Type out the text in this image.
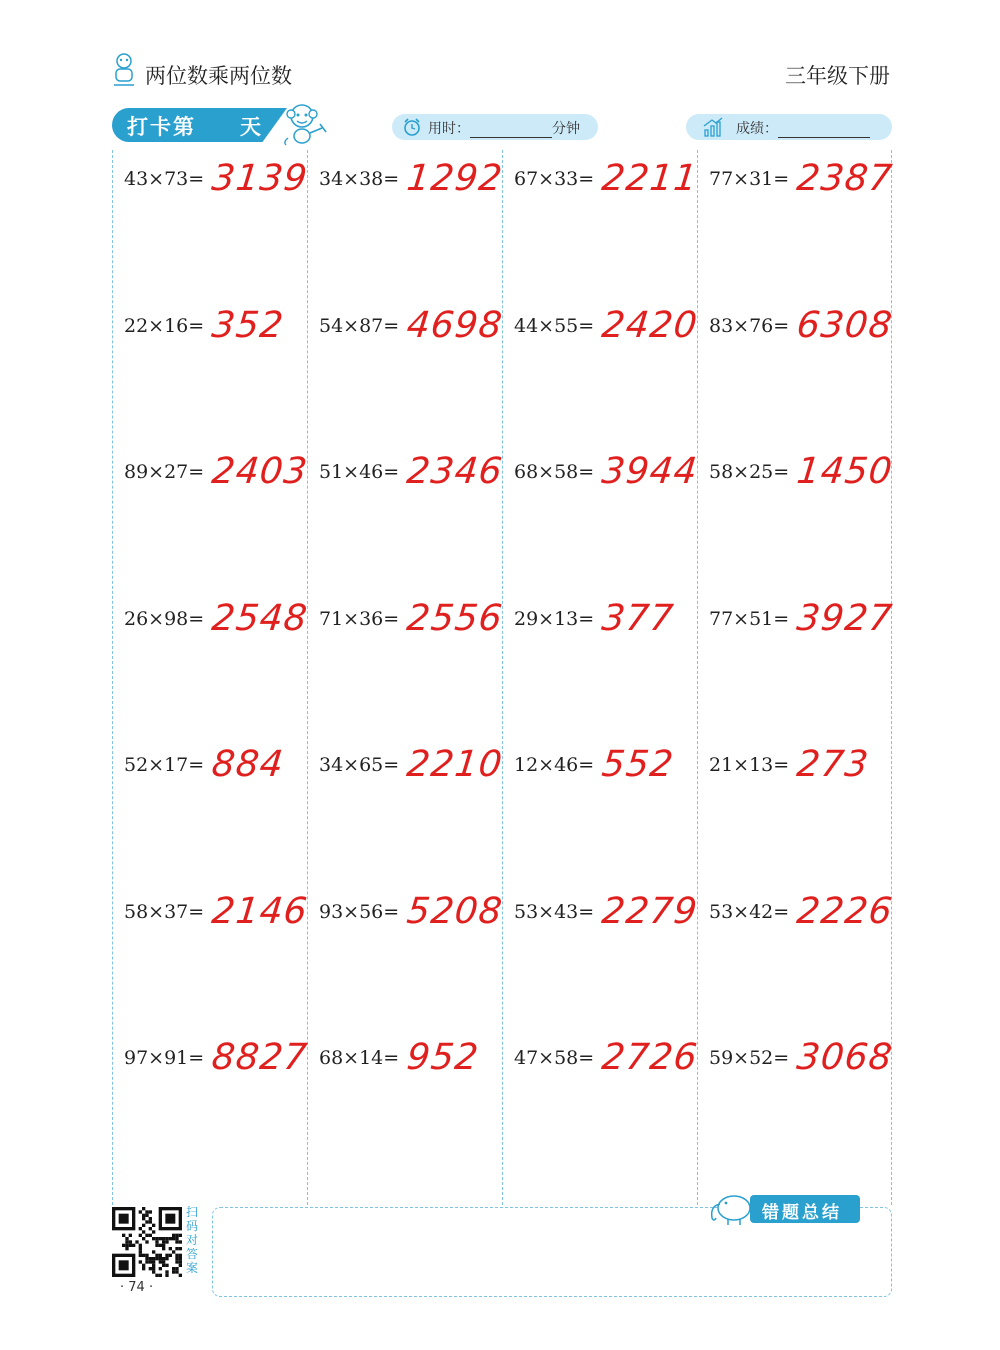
两位数乘两位数	三年级下册
打卡第 天	用时：	分钟	成绩：
43×73= 3139
22×16= 352
89×27= 2403
26×98= 2548
52×17= 884
58×37= 2146
97×91= 8827
34×38= 1292
54×87= 4698
51×46= 2346
71×36= 2556
34×65= 2210
93×56= 5208
68×14= 952
67×33= 2211
44×55= 2420
68×58= 3944
29×13= 377
12×46= 552
53×43= 2279
47×58= 2726
77×31= 2387
83×76= 6308
58×25= 1450
77×51= 3927
21×13= 273
53×42= 2226
59×52= 3068
扫码对答案
· 74 ·
错题总结
